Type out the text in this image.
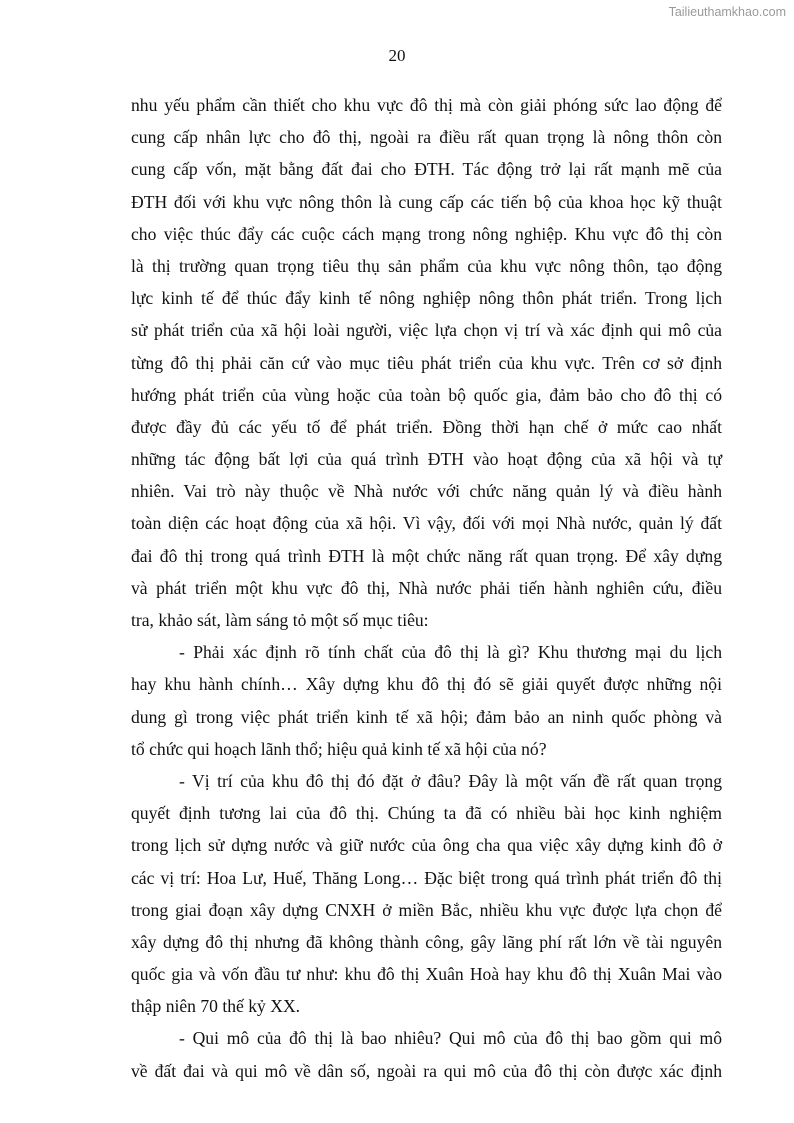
Tailieuthamkhao.com
20
nhu yếu phẩm cần thiết cho khu vực đô thị mà còn giải phóng sức lao động để
cung cấp nhân lực cho đô thị, ngoài ra điều rất quan trọng là nông thôn còn
cung cấp vốn, mặt bằng đất đai cho ĐTH. Tác động trở lại rất mạnh mẽ của
ĐTH đối với khu vực nông thôn là cung cấp các tiến bộ của khoa học kỹ thuật
cho việc thúc đẩy các cuộc cách mạng trong nông nghiệp. Khu vực đô thị còn
là thị trường quan trọng tiêu thụ sản phẩm của khu vực nông thôn, tạo động
lực kinh tế để thúc đẩy kinh tế nông nghiệp nông thôn phát triển. Trong lịch
sử phát triển của xã hội loài người, việc lựa chọn vị trí và xác định qui mô của
từng đô thị phải căn cứ vào mục tiêu phát triển của khu vực. Trên cơ sở định
hướng phát triển của vùng hoặc của toàn bộ quốc gia, đảm bảo cho đô thị có
được đầy đủ các yếu tố để phát triển. Đồng thời hạn chế ở mức cao nhất
những tác động bất lợi của quá trình ĐTH vào hoạt động của xã hội và tự
nhiên. Vai trò này thuộc về Nhà nước với chức năng quản lý và điều hành
toàn diện các hoạt động của xã hội. Vì vậy, đối với mọi Nhà nước, quản lý đất
đai đô thị trong quá trình ĐTH là một chức năng rất quan trọng. Để xây dựng
và phát triển một khu vực đô thị, Nhà nước phải tiến hành nghiên cứu, điều
tra, khảo sát, làm sáng tỏ một số mục tiêu:
- Phải xác định rõ tính chất của đô thị là gì? Khu thương mại du lịch
hay khu hành chính… Xây dựng khu đô thị đó sẽ giải quyết được những nội
dung gì trong việc phát triển kinh tế xã hội; đảm bảo an ninh quốc phòng và
tổ chức qui hoạch lãnh thổ; hiệu quả kinh tế xã hội của nó?
- Vị trí của khu đô thị đó đặt ở đâu? Đây là một vấn đề rất quan trọng
quyết định tương lai của đô thị. Chúng ta đã có nhiều bài học kinh nghiệm
trong lịch sử dựng nước và giữ nước của ông cha qua việc xây dựng kinh đô ở
các vị trí: Hoa Lư, Huế, Thăng Long… Đặc biệt trong quá trình phát triển đô thị
trong giai đoạn xây dựng CNXH ở miền Bắc, nhiều khu vực được lựa chọn để
xây dựng đô thị nhưng đã không thành công, gây lãng phí rất lớn về tài nguyên
quốc gia và vốn đầu tư như: khu đô thị Xuân Hoà hay khu đô thị Xuân Mai vào
thập niên 70 thế kỷ XX.
- Qui mô của đô thị là bao nhiêu? Qui mô của đô thị bao gồm qui mô
về đất đai và qui mô về dân số, ngoài ra qui mô của đô thị còn được xác định
